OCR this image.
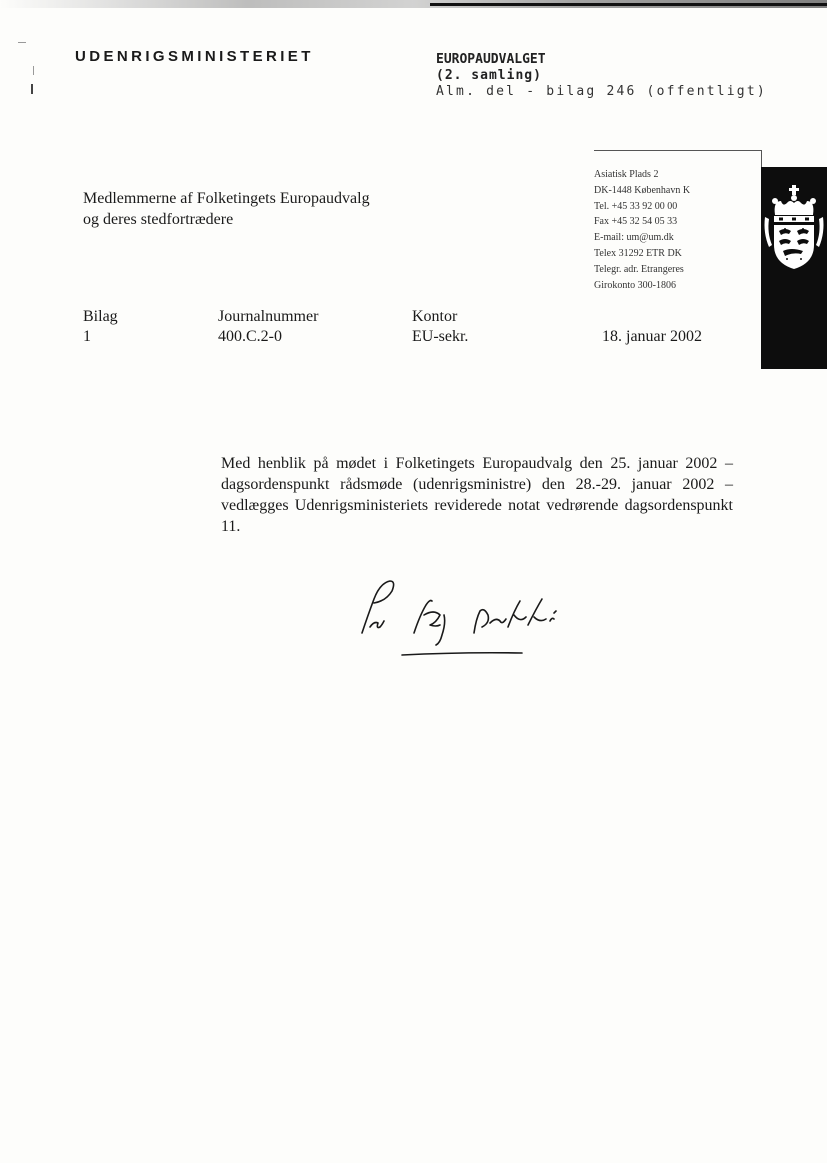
UDENRIGSMINISTERIET	EUROPAUDVALGET
(2. samling)
Alm. del - bilag 246 (offentligt)
Medlemmerne af Folketingets Europaudvalg
og deres stedfortrædere
Asiatisk Plads 2
DK-1448 København K
Tel. +45 33 92 00 00
Fax +45 32 54 05 33
E-mail: um@um.dk
Telex 31292 ETR DK
Telegr. adr. Etrangeres
Girokonto 300-1806
Bilag
1
Journalnummer
400.C.2-0
Kontor
EU-sekr.	18. januar 2002
Med henblik på mødet i Folketingets Europaudvalg den 25. januar 2002 – dagsordenspunkt rådsmøde (udenrigsministre) den 28.-29. januar 2002 – vedlægges Udenrigsministeriets reviderede notat vedrørende dagsordenspunkt 11.
